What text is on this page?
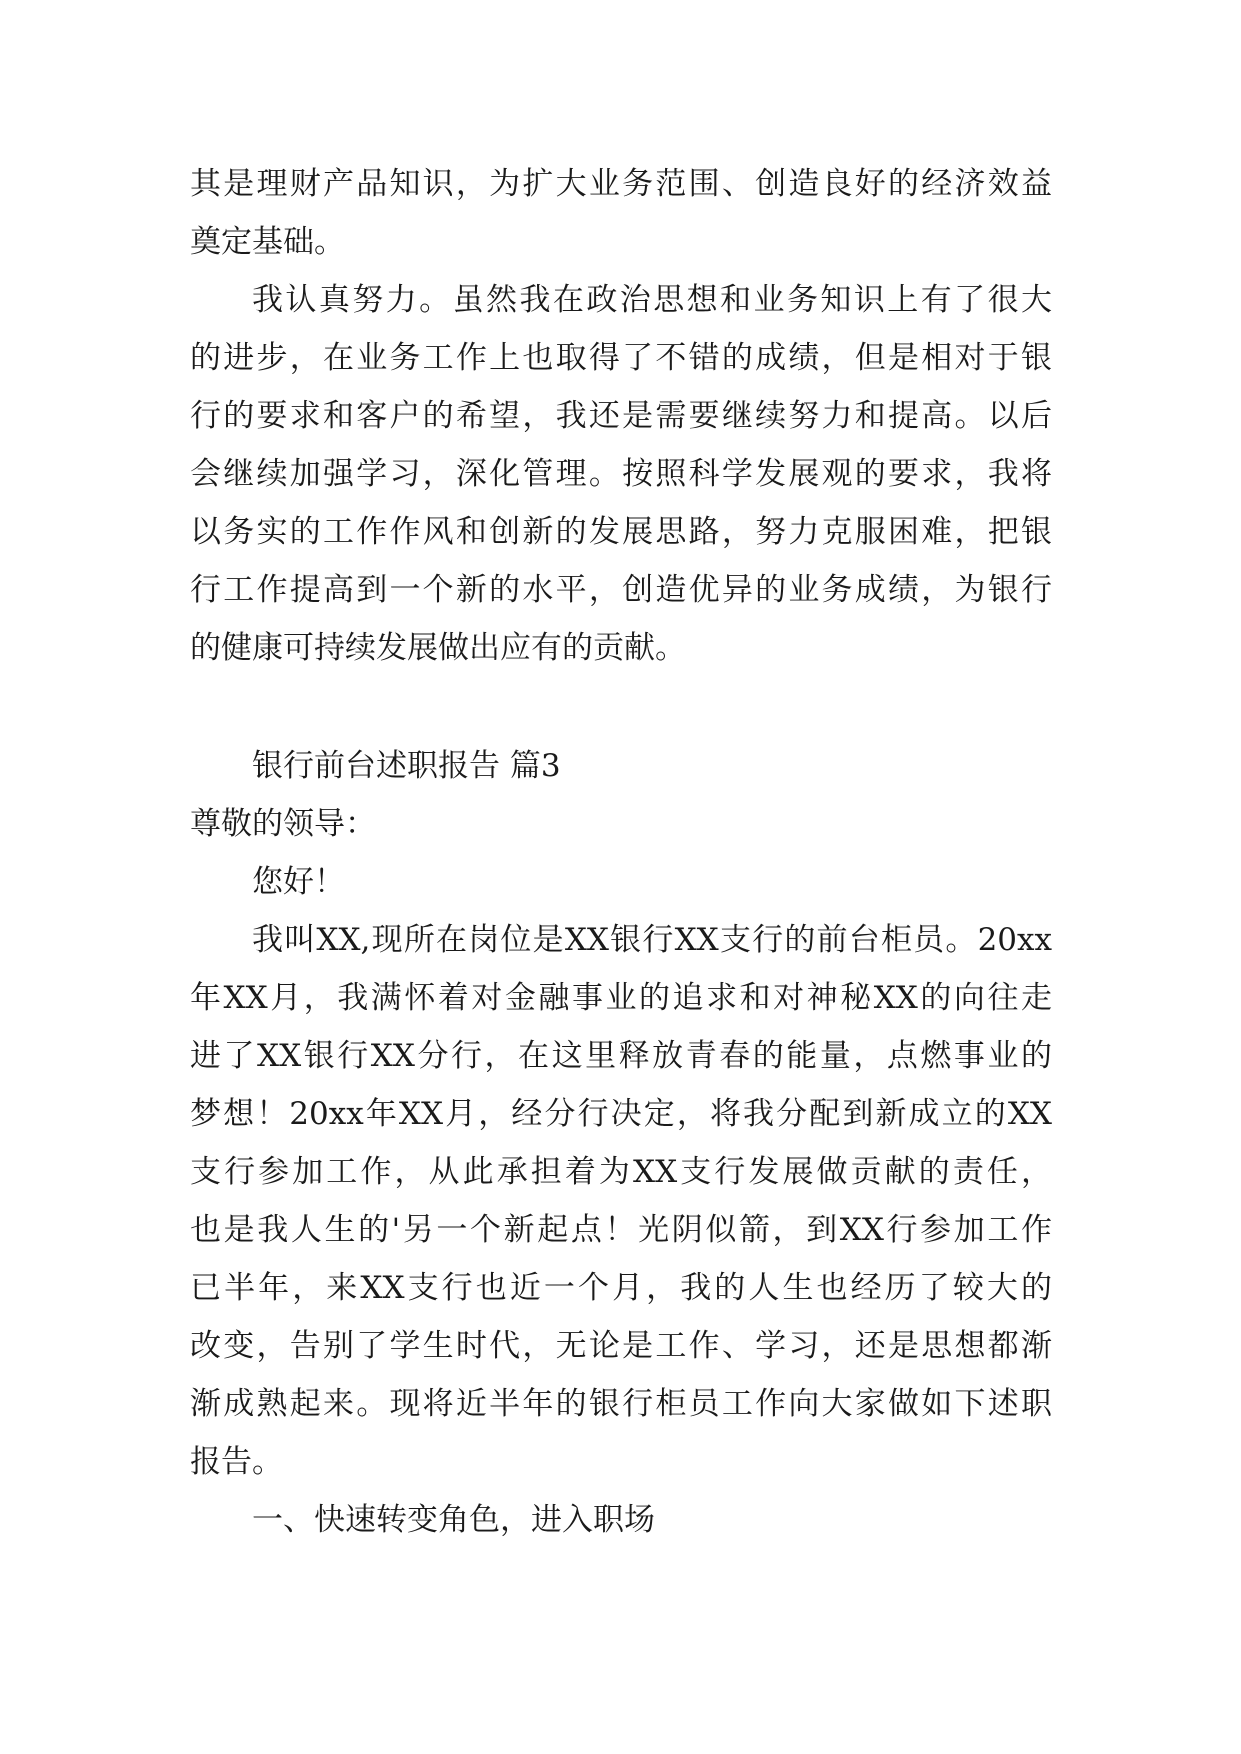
其是理财产品知识，为扩大业务范围、创造良好的经济效益
奠定基础。
我认真努力。虽然我在政治思想和业务知识上有了很大
的进步，在业务工作上也取得了不错的成绩，但是相对于银
行的要求和客户的希望，我还是需要继续努力和提高。以后
会继续加强学习，深化管理。按照科学发展观的要求，我将
以务实的工作作风和创新的发展思路，努力克服困难，把银
行工作提高到一个新的水平，创造优异的业务成绩，为银行
的健康可持续发展做出应有的贡献。
银行前台述职报告 篇3
尊敬的领导：
您好！
我叫XX,现所在岗位是XX银行XX支行的前台柜员。20xx
年XX月，我满怀着对金融事业的追求和对神秘XX的向往走
进了XX银行XX分行，在这里释放青春的能量，点燃事业的
梦想！20xx年XX月，经分行决定，将我分配到新成立的XX
支行参加工作，从此承担着为XX支行发展做贡献的责任，
也是我人生的'另一个新起点！光阴似箭，到XX行参加工作
已半年，来XX支行也近一个月，我的人生也经历了较大的
改变，告别了学生时代，无论是工作、学习，还是思想都渐
渐成熟起来。现将近半年的银行柜员工作向大家做如下述职
报告。
一、快速转变角色，进入职场
